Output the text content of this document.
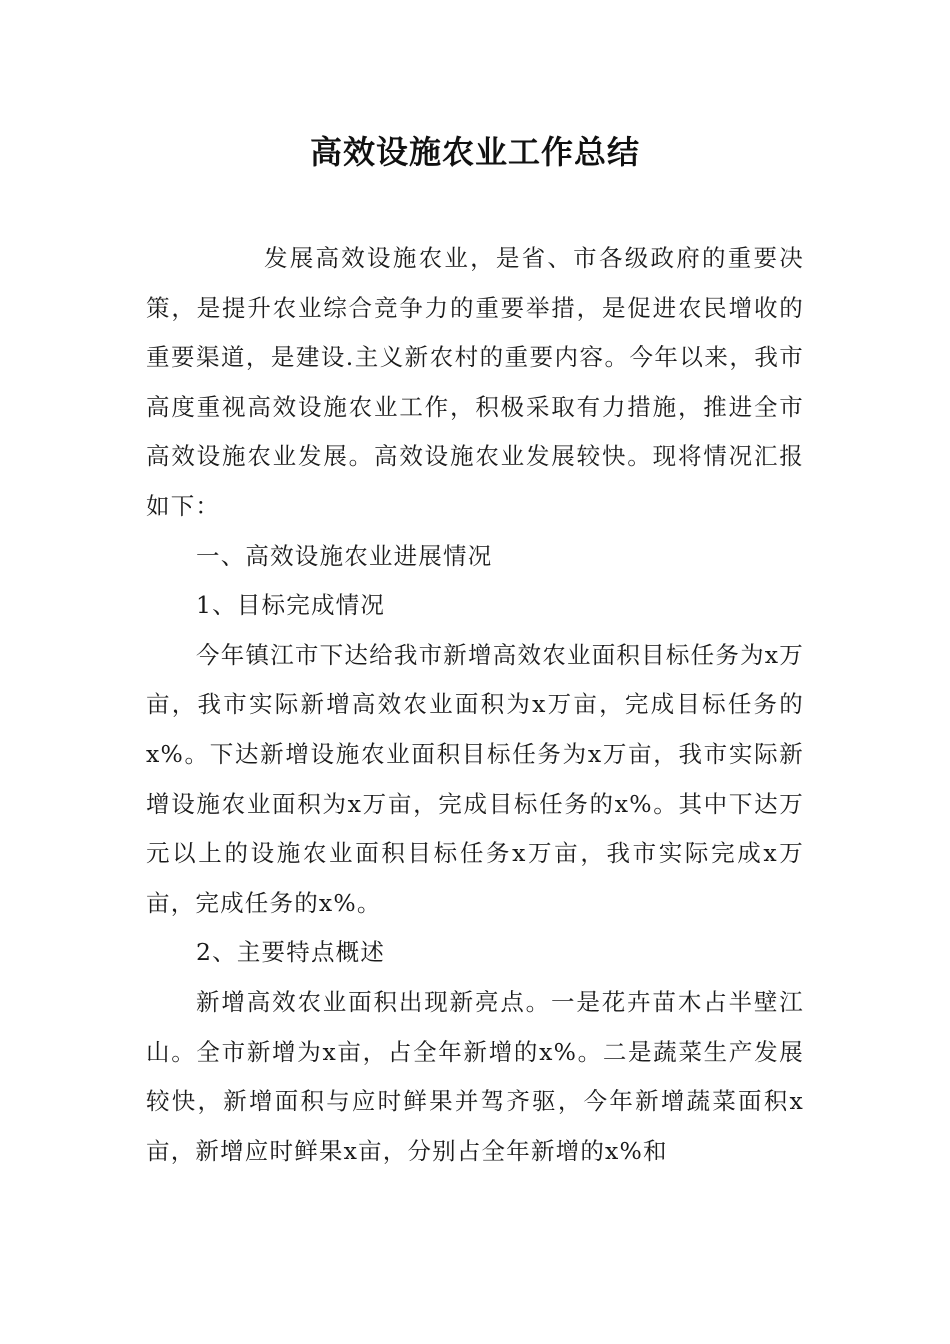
高效设施农业工作总结

发展高效设施农业，是省、市各级政府的重要决策，是提升农业综合竞争力的重要举措，是促进农民增收的重要渠道，是建设.主义新农村的重要内容。今年以来，我市高度重视高效设施农业工作，积极采取有力措施，推进全市高效设施农业发展。高效设施农业发展较快。现将情况汇报如下：

一、高效设施农业进展情况

1、目标完成情况

今年镇江市下达给我市新增高效农业面积目标任务为x万亩，我市实际新增高效农业面积为x万亩，完成目标任务的x%。下达新增设施农业面积目标任务为x万亩，我市实际新增设施农业面积为x万亩，完成目标任务的x%。其中下达万元以上的设施农业面积目标任务x万亩，我市实际完成x万亩，完成任务的x%。

2、主要特点概述

新增高效农业面积出现新亮点。一是花卉苗木占半壁江山。全市新增为x亩，占全年新增的x%。二是蔬菜生产发展较快，新增面积与应时鲜果并驾齐驱，今年新增蔬菜面积x亩，新增应时鲜果x亩，分别占全年新增的x%和
